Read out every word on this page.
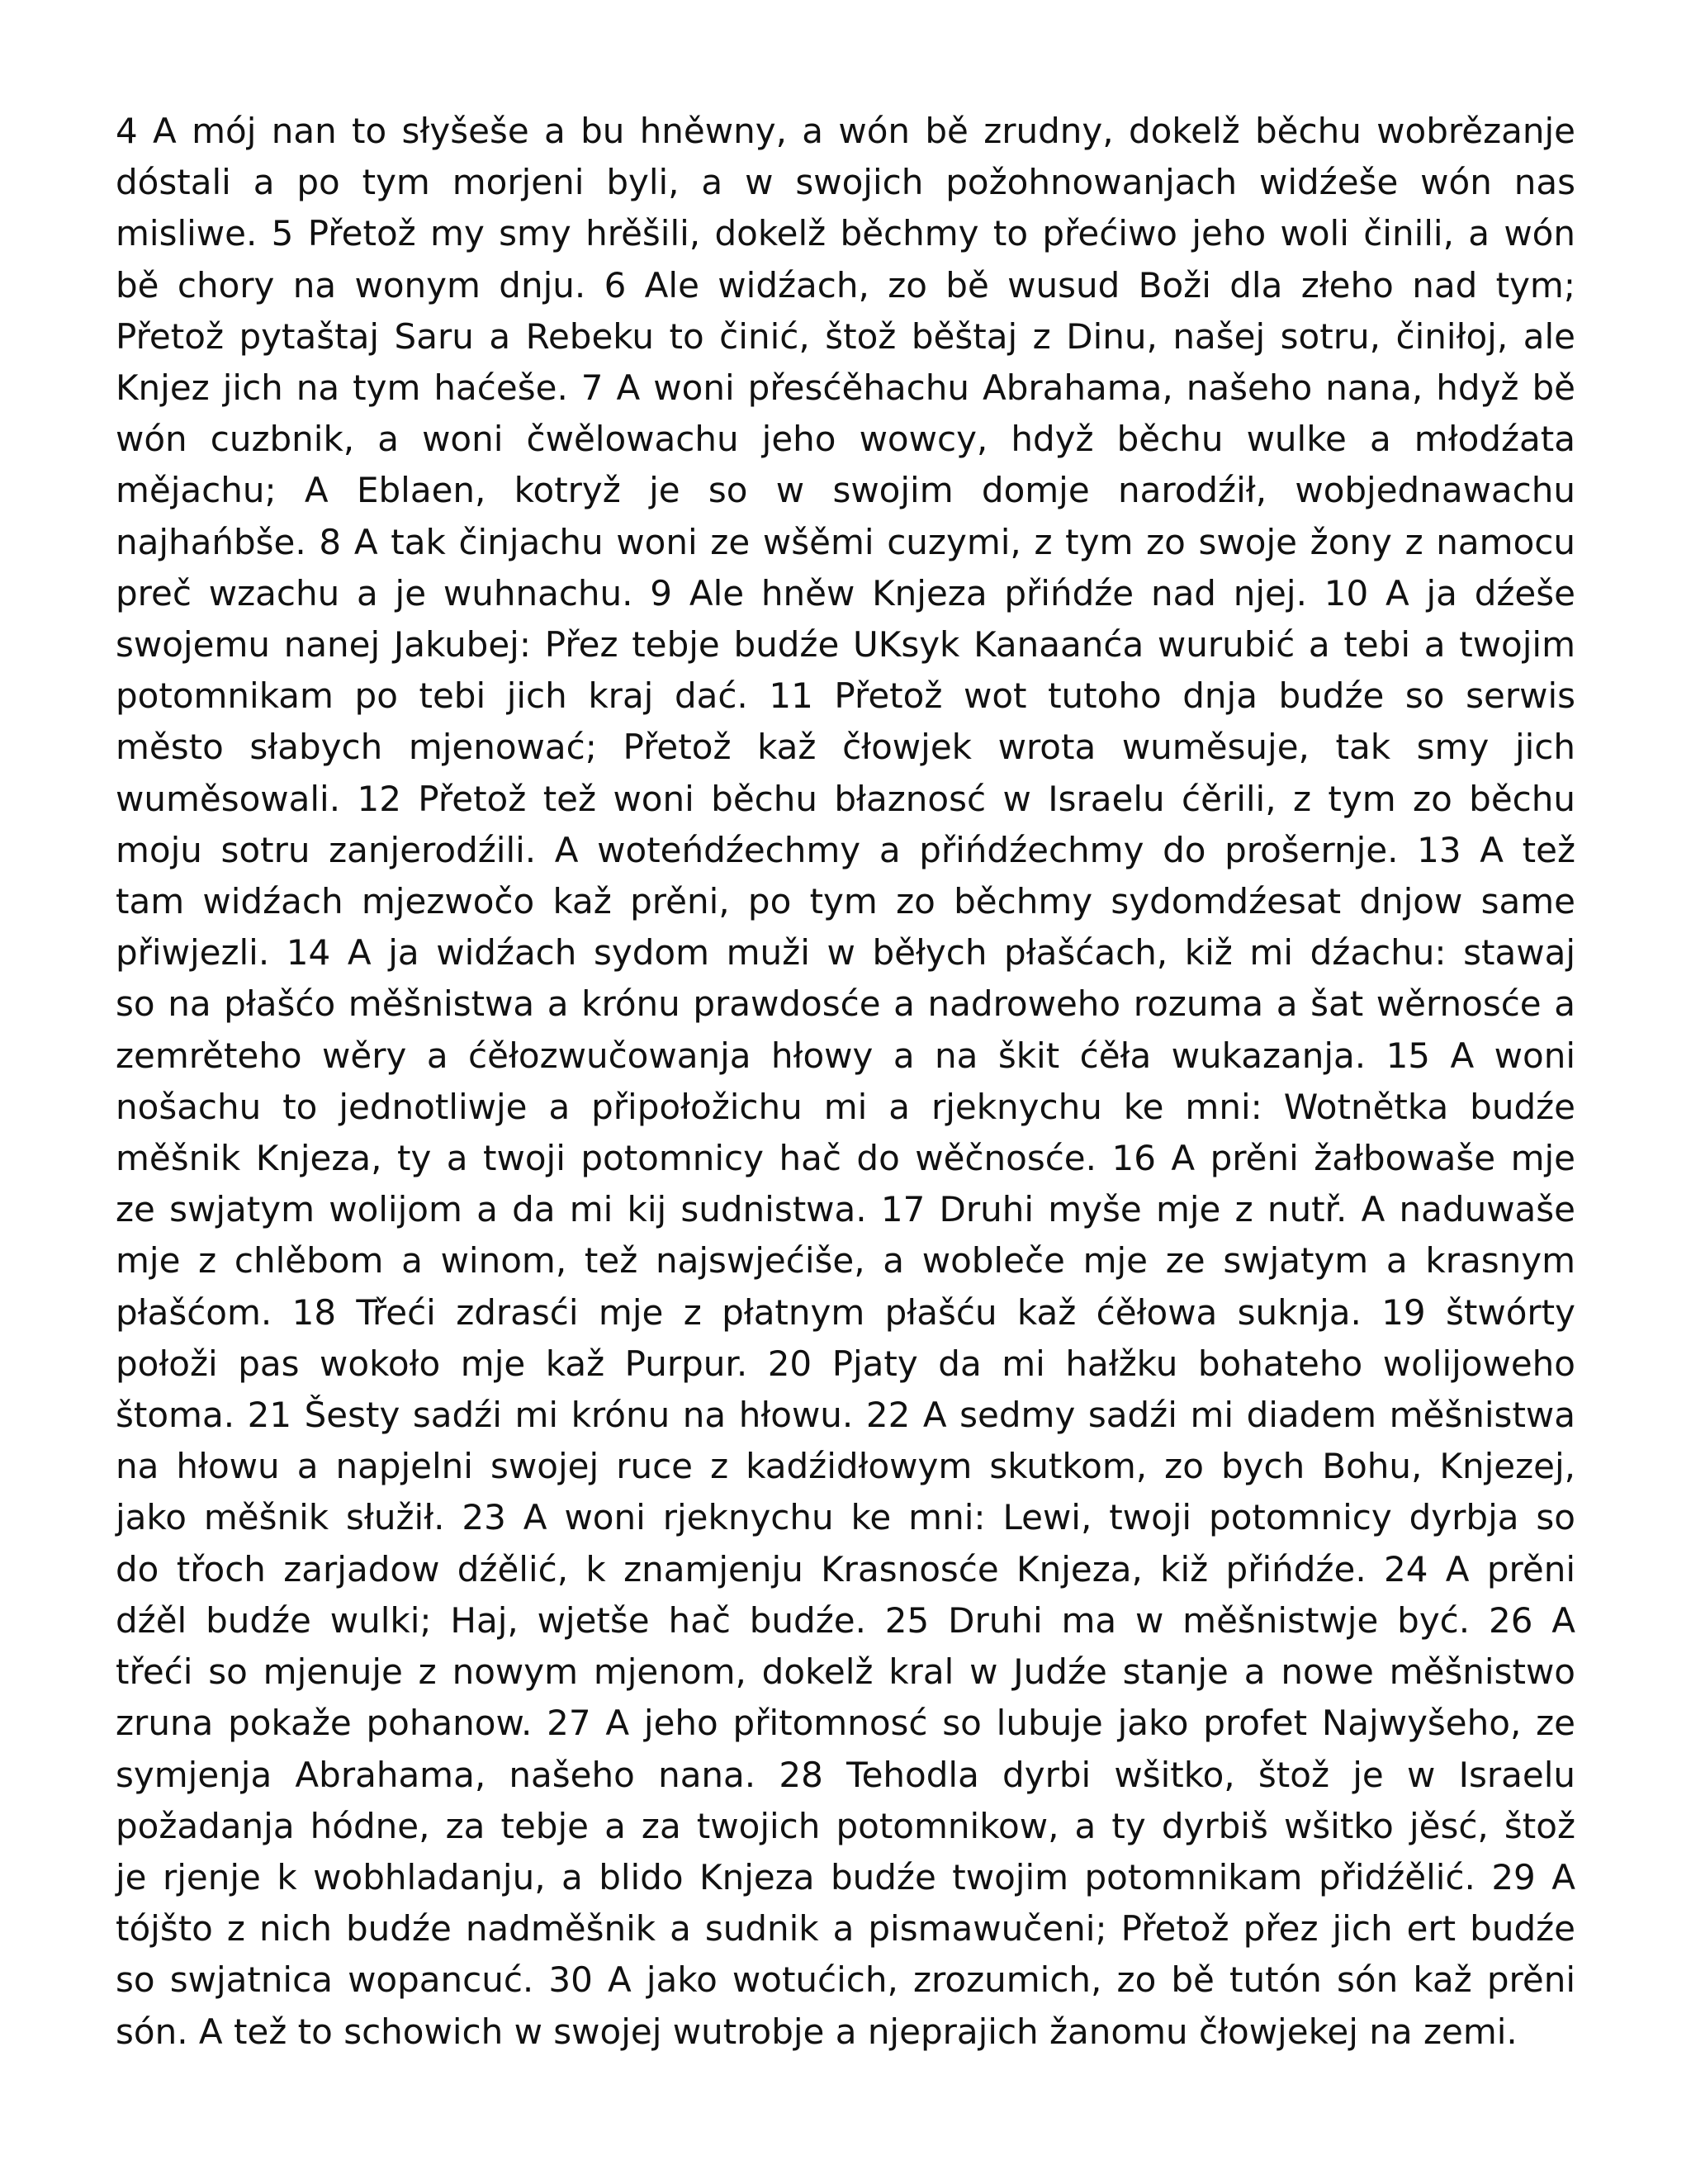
4 A mój nan to słyšeše a bu hněwny, a wón bě zrudny, dokelž běchu wobrězanje
dóstali a po tym morjeni byli, a w swojich požohnowanjach widźeše wón nas
misliwe. 5 Přetož my smy hrěšili, dokelž běchmy to přećiwo jeho woli činili, a wón
bě chory na wonym dnju. 6 Ale widźach, zo bě wusud Boži dla złeho nad tym;
Přetož pytaštaj Saru a Rebeku to činić, štož běštaj z Dinu, našej sotru, činiłoj, ale
Knjez jich na tym haćeše. 7 A woni přesćěhachu Abrahama, našeho nana, hdyž bě
wón cuzbnik, a woni čwělowachu jeho wowcy, hdyž běchu wulke a młodźata
mějachu; A Eblaen, kotryž je so w swojim domje narodźił, wobjednawachu
najhańbše. 8 A tak činjachu woni ze wšěmi cuzymi, z tym zo swoje žony z namocu
preč wzachu a je wuhnachu. 9 Ale hněw Knjeza přińdźe nad njej. 10 A ja dźeše
swojemu nanej Jakubej: Přez tebje budźe UKsyk Kanaanća wurubić a tebi a twojim
potomnikam po tebi jich kraj dać. 11 Přetož wot tutoho dnja budźe so serwis
město słabych mjenować; Přetož kaž čłowjek wrota wuměsuje, tak smy jich
wuměsowali. 12 Přetož tež woni běchu błaznosć w Israelu ćěrili, z tym zo běchu
moju sotru zanjerodźili. A woteńdźechmy a přińdźechmy do prošernje. 13 A tež
tam widźach mjezwočo kaž prěni, po tym zo běchmy sydomdźesat dnjow same
přiwjezli. 14 A ja widźach sydom muži w běłych płašćach, kiž mi dźachu: stawaj
so na płašćo měšnistwa a krónu prawdosće a nadroweho rozuma a šat wěrnosće a
zemrěteho wěry a ćěłozwučowanja hłowy a na škit ćěła wukazanja. 15 A woni
nošachu to jednotliwje a připołožichu mi a rjeknychu ke mni: Wotnětka budźe
měšnik Knjeza, ty a twoji potomnicy hač do wěčnosće. 16 A prěni žałbowaše mje
ze swjatym wolijom a da mi kij sudnistwa. 17 Druhi myše mje z nutř. A naduwaše
mje z chlěbom a winom, tež najswjećiše, a wobleče mje ze swjatym a krasnym
płašćom. 18 Třeći zdrasći mje z płatnym płašću kaž ćěłowa suknja. 19 štwórty
połoži pas wokoło mje kaž Purpur. 20 Pjaty da mi hałžku bohateho wolijoweho
štoma. 21 Šesty sadźi mi krónu na hłowu. 22 A sedmy sadźi mi diadem měšnistwa
na hłowu a napjelni swojej ruce z kadźidłowym skutkom, zo bych Bohu, Knjezej,
jako měšnik słužił. 23 A woni rjeknychu ke mni: Lewi, twoji potomnicy dyrbja so
do třoch zarjadow dźělić, k znamjenju Krasnosće Knjeza, kiž přińdźe. 24 A prěni
dźěl budźe wulki; Haj, wjetše hač budźe. 25 Druhi ma w měšnistwje być. 26 A
třeći so mjenuje z nowym mjenom, dokelž kral w Judźe stanje a nowe měšnistwo
zruna pokaže pohanow. 27 A jeho přitomnosć so lubuje jako profet Najwyšeho, ze
symjenja Abrahama, našeho nana. 28 Tehodla dyrbi wšitko, štož je w Israelu
požadanja hódne, za tebje a za twojich potomnikow, a ty dyrbiš wšitko jěsć, štož
je rjenje k wobhladanju, a blido Knjeza budźe twojim potomnikam přidźělić. 29 A
tójšto z nich budźe nadměšnik a sudnik a pismawučeni; Přetož přez jich ert budźe
so swjatnica wopancuć. 30 A jako wotućich, zrozumich, zo bě tutón són kaž prěni
són. A tež to schowich w swojej wutrobje a njeprajich žanomu čłowjekej na zemi.
